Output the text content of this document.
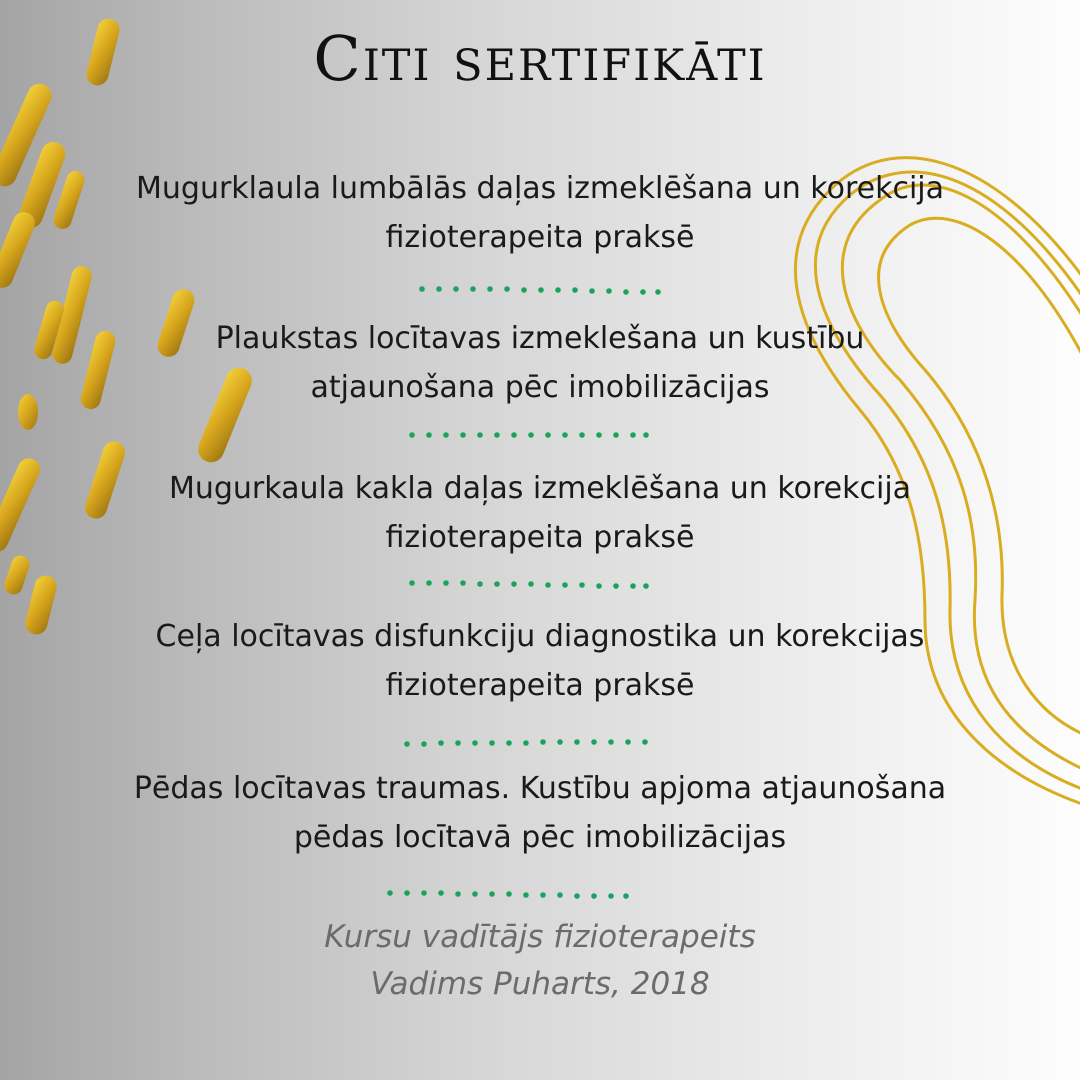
Citi sertifikāti
Mugurklaula lumbālās daļas izmeklēšana un korekcija
fizioterapeita praksē
Plaukstas locītavas izmeklešana un kustību
atjaunošana pēc imobilizācijas
Mugurkaula kakla daļas izmeklēšana un korekcija
fizioterapeita praksē
Ceļa locītavas disfunkciju diagnostika un korekcijas
fizioterapeita praksē
Pēdas locītavas traumas. Kustību apjoma atjaunošana
pēdas locītavā pēc imobilizācijas
Kursu vadītājs fizioterapeits
Vadims Puharts, 2018
